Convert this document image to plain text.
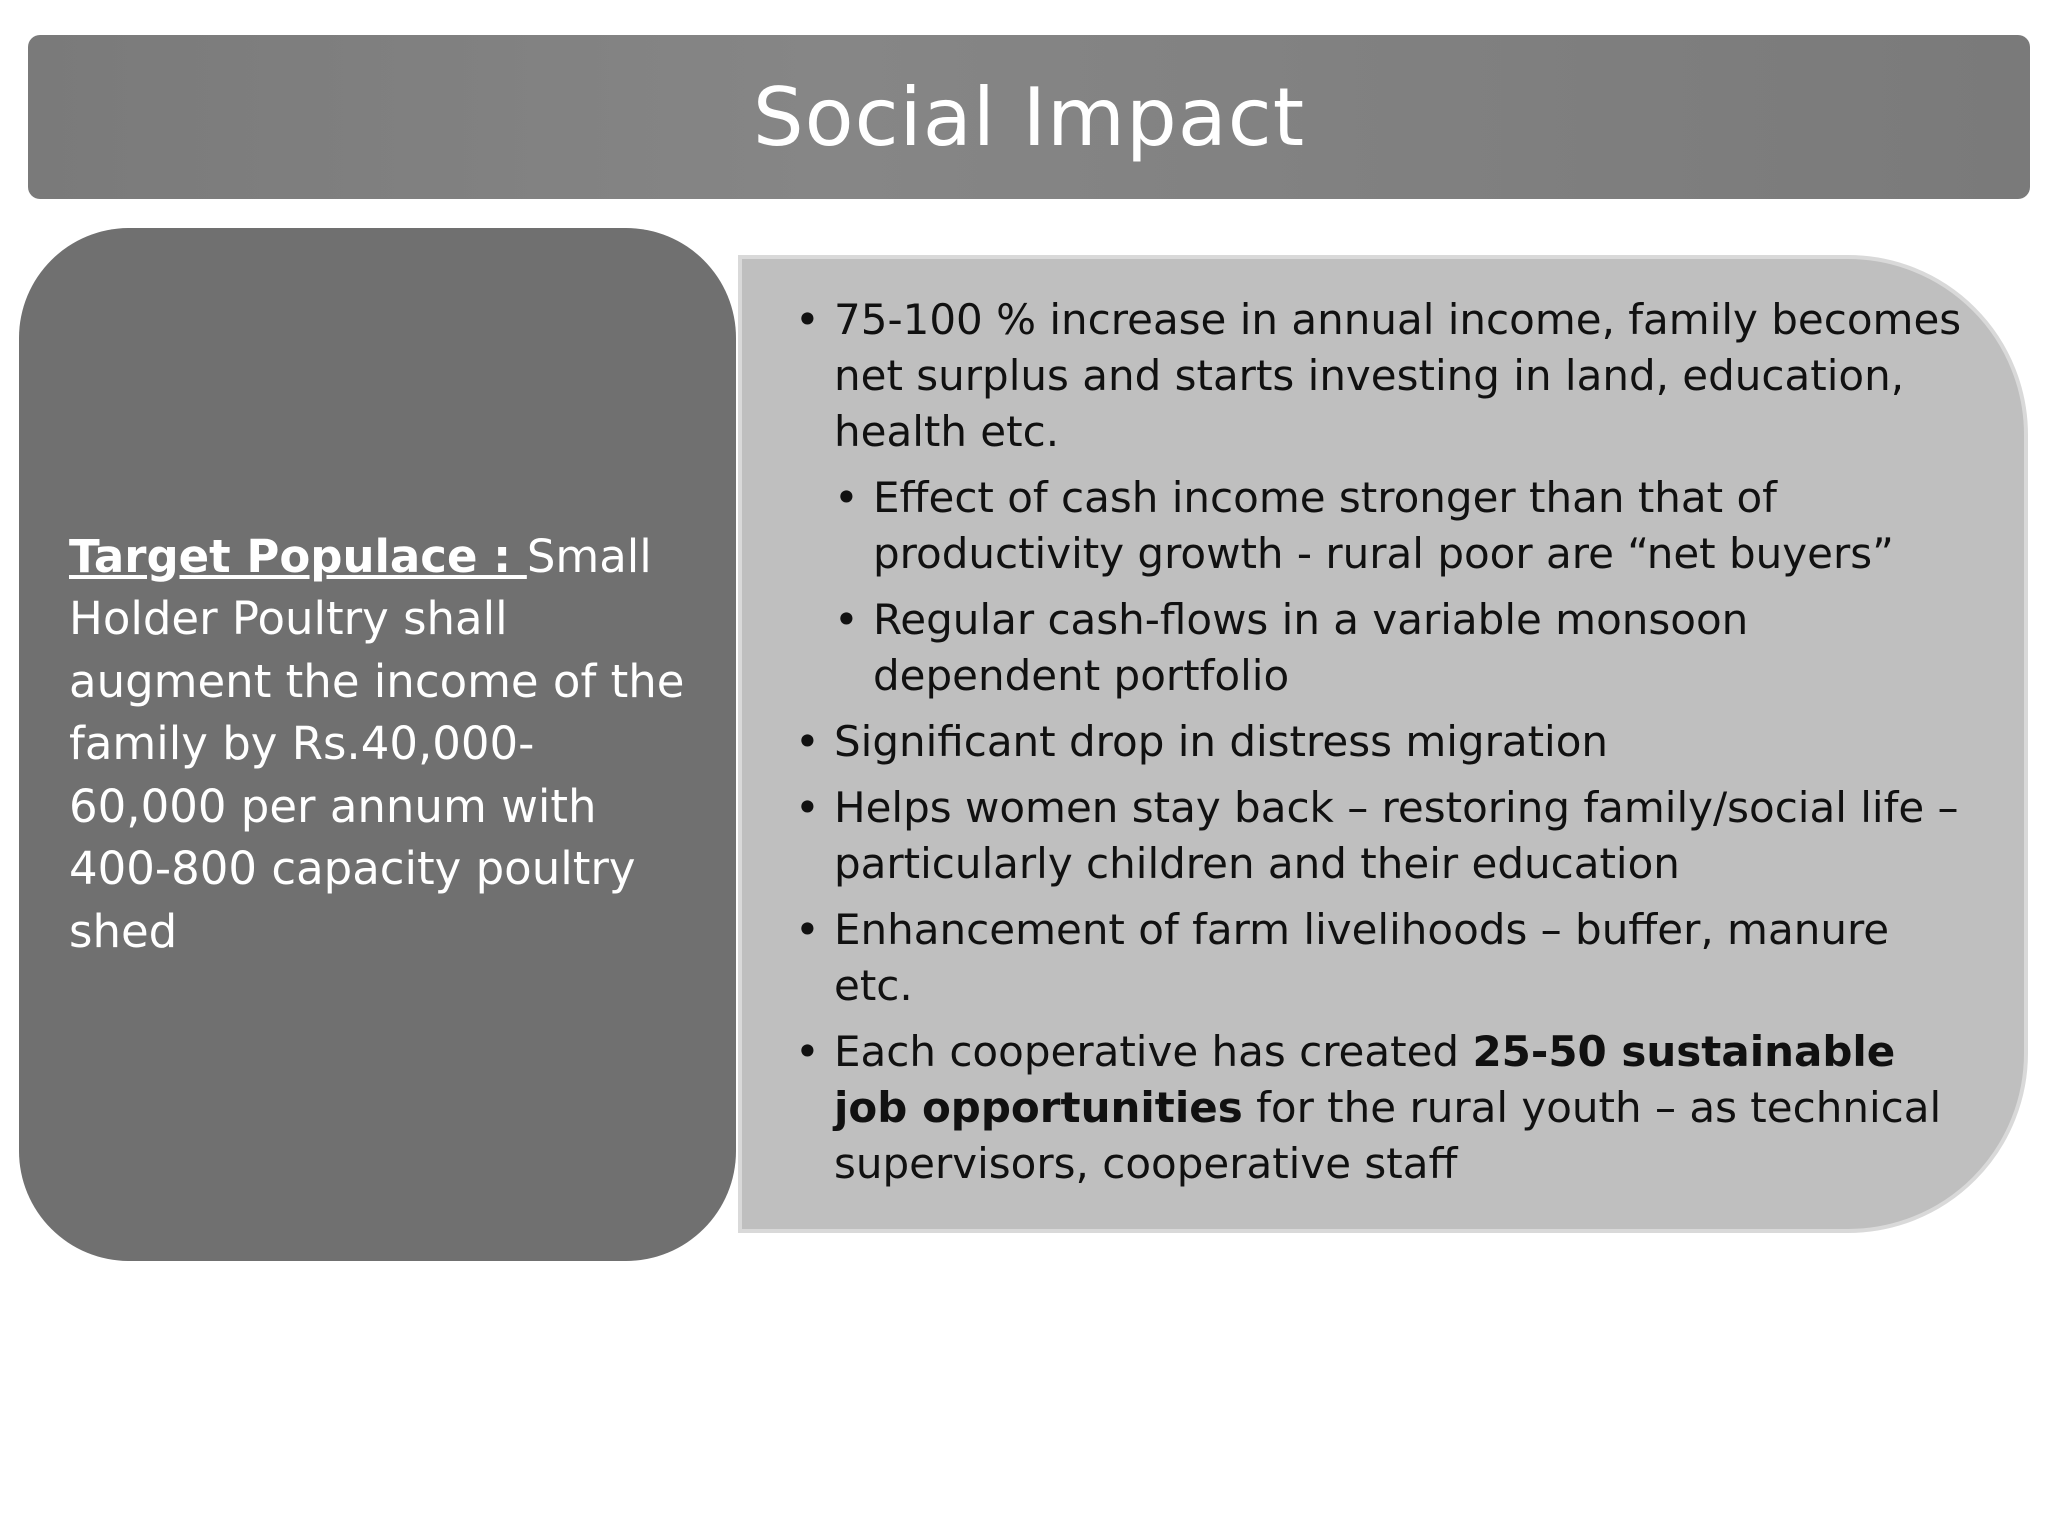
Social Impact

Target Populace : Small Holder Poultry shall augment the income of the family by Rs.40,000-60,000 per annum with 400-800 capacity poultry shed

• 75-100 % increase in annual income, family becomes net surplus and starts investing in land, education, health etc.
• Effect of cash income stronger than that of productivity growth - rural poor are “net buyers”
• Regular cash-flows in a variable monsoon dependent portfolio
• Significant drop in distress migration
• Helps women stay back – restoring family/social life – particularly children and their education
• Enhancement of farm livelihoods – buffer, manure etc.
• Each cooperative has created 25-50 sustainable job opportunities for the rural youth – as technical supervisors, cooperative staff
